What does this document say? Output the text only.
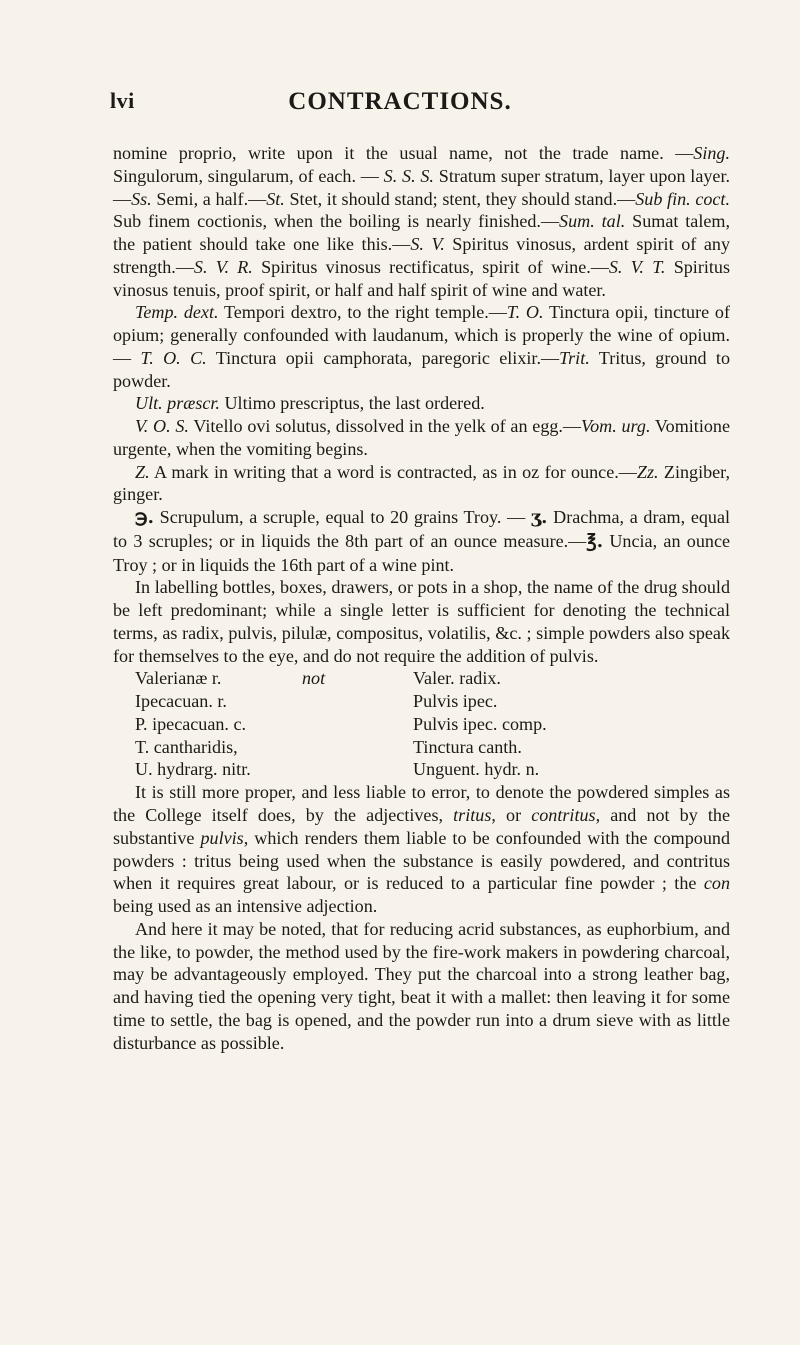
lvi	CONTRACTIONS.

nomine proprio, write upon it the usual name, not the trade name. —Sing. Singulorum, singularum, of each. — S. S. S. Stratum super stratum, layer upon layer.—Ss. Semi, a half.—St. Stet, it should stand; stent, they should stand.—Sub fin. coct. Sub finem coctionis, when the boiling is nearly finished.—Sum. tal. Sumat talem, the patient should take one like this.—S. V. Spiritus vinosus, ardent spirit of any strength.—S. V. R. Spiritus vinosus rectificatus, spirit of wine.—S. V. T. Spiritus vinosus tenuis, proof spirit, or half and half spirit of wine and water.

Temp. dext. Tempori dextro, to the right temple.—T. O. Tinctura opii, tincture of opium; generally confounded with laudanum, which is properly the wine of opium. — T. O. C. Tinctura opii camphorata, paregoric elixir.—Trit. Tritus, ground to powder.

Ult. præscr. Ultimo prescriptus, the last ordered.

V. O. S. Vitello ovi solutus, dissolved in the yelk of an egg.—Vom. urg. Vomitione urgente, when the vomiting begins.

Z. A mark in writing that a word is contracted, as in oz for ounce.—Zz. Zingiber, ginger.

℈. Scrupulum, a scruple, equal to 20 grains Troy. — ʒ. Drachma, a dram, equal to 3 scruples; or in liquids the 8th part of an ounce measure.—℥. Uncia, an ounce Troy ; or in liquids the 16th part of a wine pint.

In labelling bottles, boxes, drawers, or pots in a shop, the name of the drug should be left predominant; while a single letter is sufficient for denoting the technical terms, as radix, pulvis, pilulæ, compositus, volatilis, &c. ; simple powders also speak for themselves to the eye, and do not require the addition of pulvis.

Valerianæ r.
Ipecacuan. r.
P. ipecacuan. c.
T. cantharidis,
U. hydrarg. nitr.
not	Valer. radix.
Pulvis ipec.
Pulvis ipec. comp.
Tinctura canth.
Unguent. hydr. n.

It is still more proper, and less liable to error, to denote the powdered simples as the College itself does, by the adjectives, tritus, or contritus, and not by the substantive pulvis, which renders them liable to be confounded with the compound powders : tritus being used when the substance is easily powdered, and contritus when it requires great labour, or is reduced to a particular fine powder ; the con being used as an intensive adjection.

And here it may be noted, that for reducing acrid substances, as euphorbium, and the like, to powder, the method used by the fire-work makers in powdering charcoal, may be advantageously employed. They put the charcoal into a strong leather bag, and having tied the opening very tight, beat it with a mallet: then leaving it for some time to settle, the bag is opened, and the powder run into a drum sieve with as little disturbance as possible.
